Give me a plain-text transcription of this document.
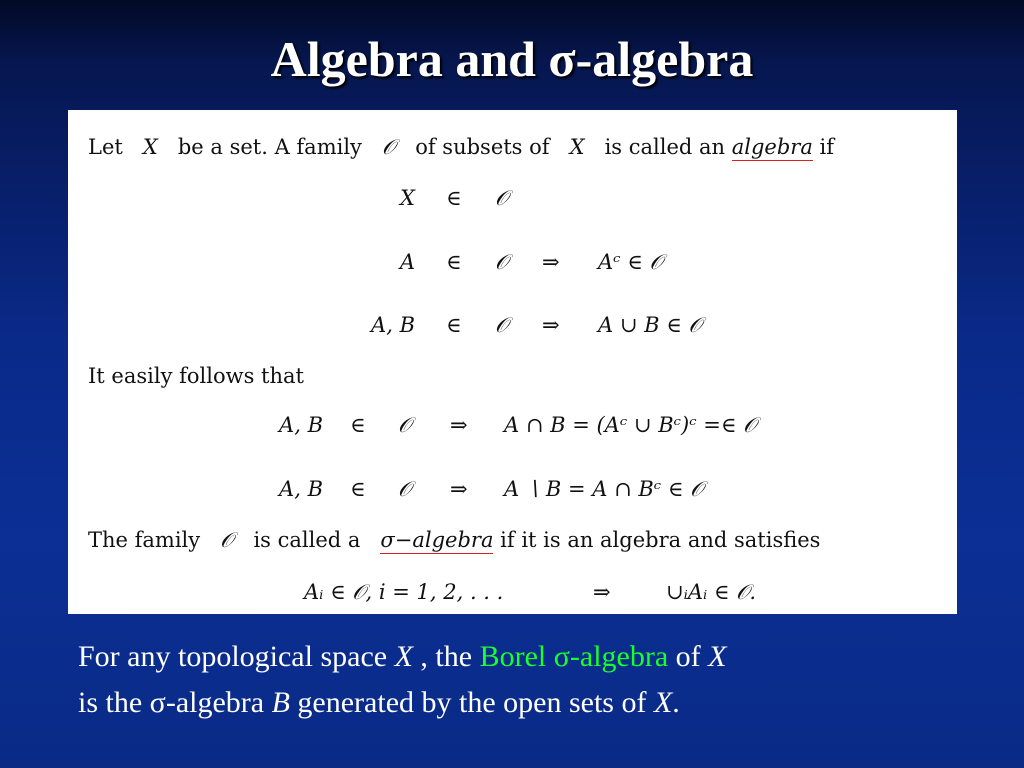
Algebra and σ-algebra
Let X be a set. A family 𝒪 of subsets of X is called an algebra if
X ∈ 𝒪
A ∈ 𝒪 ⇒ Aᶜ ∈ 𝒪
A, B ∈ 𝒪 ⇒ A ∪ B ∈ 𝒪
It easily follows that
A, B ∈ 𝒪 ⇒ A ∩ B = (Aᶜ ∪ Bᶜ)ᶜ =∈ 𝒪
A, B ∈ 𝒪 ⇒ A ∖ B = A ∩ Bᶜ ∈ 𝒪
The family 𝒪 is called a σ−algebra if it is an algebra and satisfies
Aᵢ ∈ 𝒪, i = 1, 2, . . .	⇒	∪ᵢAᵢ ∈ 𝒪.
For any topological space X , the Borel σ-algebra of X
is the σ-algebra B generated by the open sets of X.
